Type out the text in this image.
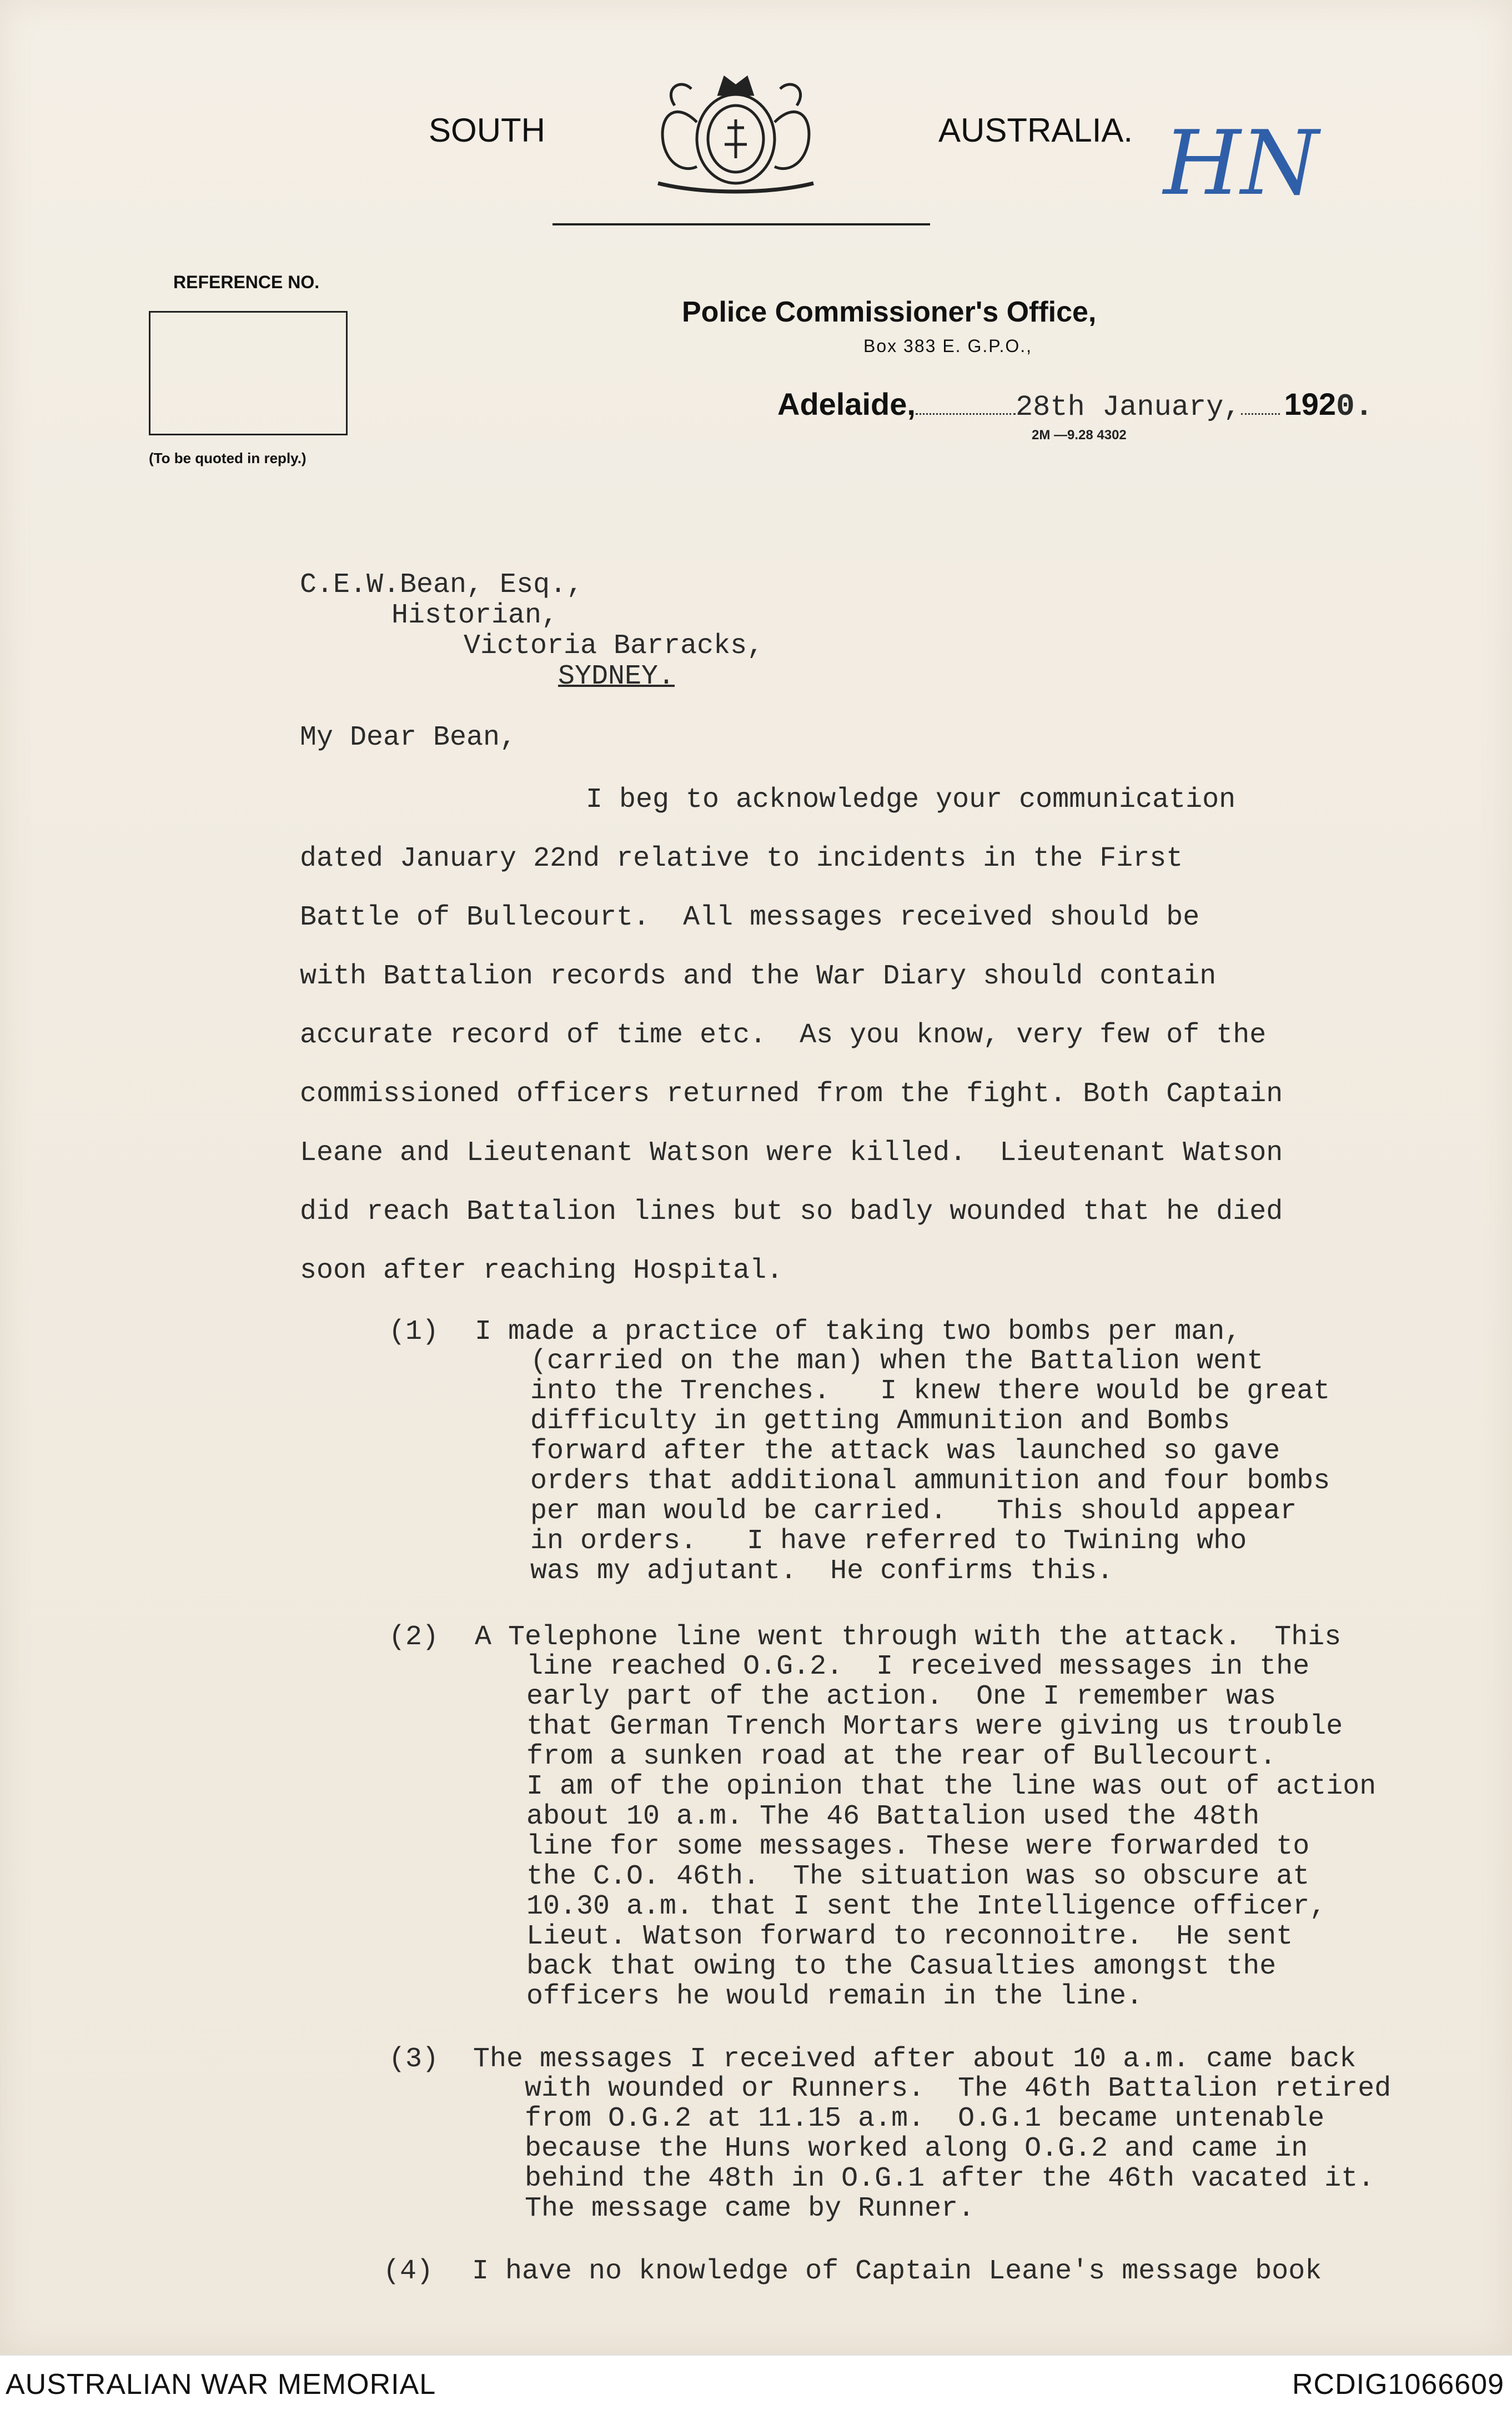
SOUTH	AUSTRALIA. HN
REFERENCE NO.
(To be quoted in reply.)
Police Commissioner's Office,
Box 383 E. G.P.O.,
Adelaide,	28th January, 1920.
2M —9.28 4302
C.E.W.Bean, Esq.,
Historian,
Victoria Barracks,
SYDNEY.
My Dear Bean,
I beg to acknowledge your communication
dated January 22nd relative to incidents in the First
Battle of Bullecourt.  All messages received should be
with Battalion records and the War Diary should contain
accurate record of time etc.  As you know, very few of the
commissioned officers returned from the fight. Both Captain
Leane and Lieutenant Watson were killed.  Lieutenant Watson
did reach Battalion lines but so badly wounded that he died
soon after reaching Hospital.
(1) I made a practice of taking two bombs per man,
(carried on the man) when the Battalion went
into the Trenches.   I knew there would be great
difficulty in getting Ammunition and Bombs
forward after the attack was launched so gave
orders that additional ammunition and four bombs
per man would be carried.   This should appear
in orders.   I have referred to Twining who
was my adjutant.  He confirms this.
(2) A Telephone line went through with the attack.  This
line reached O.G.2.  I received messages in the
early part of the action.  One I remember was
that German Trench Mortars were giving us trouble
from a sunken road at the rear of Bullecourt.
I am of the opinion that the line was out of action
about 10 a.m. The 46 Battalion used the 48th
line for some messages. These were forwarded to
the C.O. 46th.  The situation was so obscure at
10.30 a.m. that I sent the Intelligence officer,
Lieut. Watson forward to reconnoitre.  He sent
back that owing to the Casualties amongst the
officers he would remain in the line.
(3) The messages I received after about 10 a.m. came back
with wounded or Runners.  The 46th Battalion retired
from O.G.2 at 11.15 a.m.  O.G.1 became untenable
because the Huns worked along O.G.2 and came in
behind the 48th in O.G.1 after the 46th vacated it.
The message came by Runner.
(4) I have no knowledge of Captain Leane's message book
AUSTRALIAN WAR MEMORIAL	RCDIG1066609
